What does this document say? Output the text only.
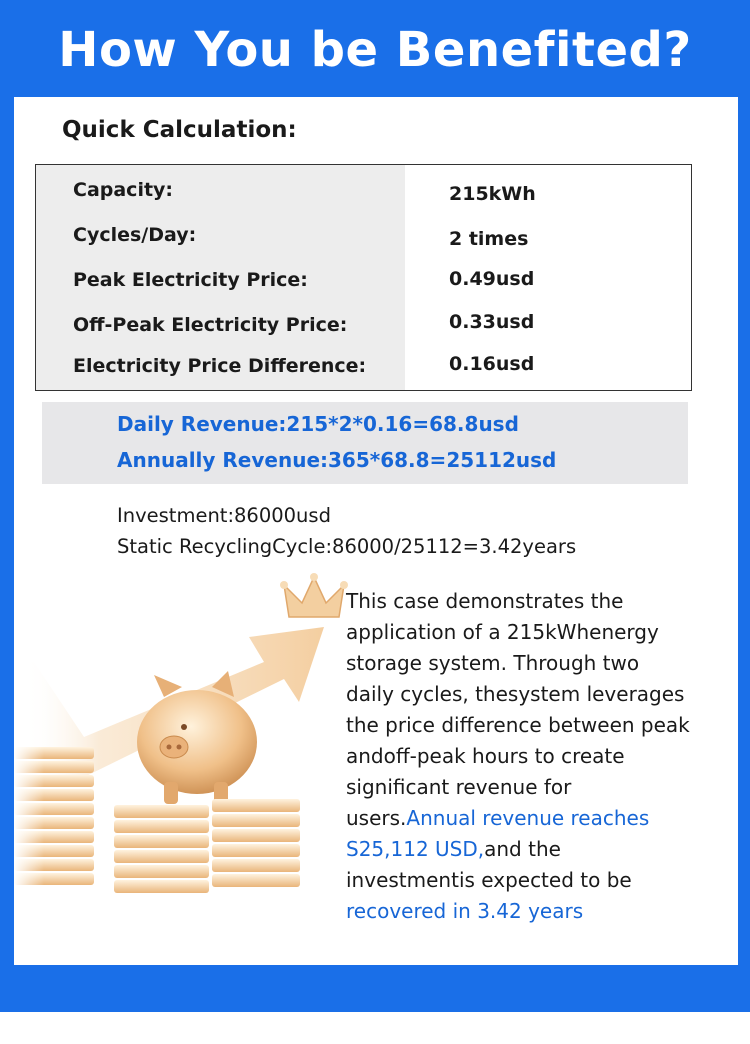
How You be Benefited?
Quick Calculation:
Capacity:	215kWh
Cycles/Day:	2 times
Peak Electricity Price:	0.49usd
Off-Peak Electricity Price:	0.33usd
Electricity Price Difference:	0.16usd
Daily Revenue:215*2*0.16=68.8usd
Annually Revenue:365*68.8=25112usd
Investment:86000usd
Static RecyclingCycle:86000/25112=3.42years
This case demonstrates the
application of a 215kWhenergy
storage system. Through two
daily cycles, thesystem leverages
the price difference between peak
andoff-peak hours to create
significant revenue for
users.Annual revenue reaches
S25,112 USD,and the
investmentis expected to be
recovered in 3.42 years
